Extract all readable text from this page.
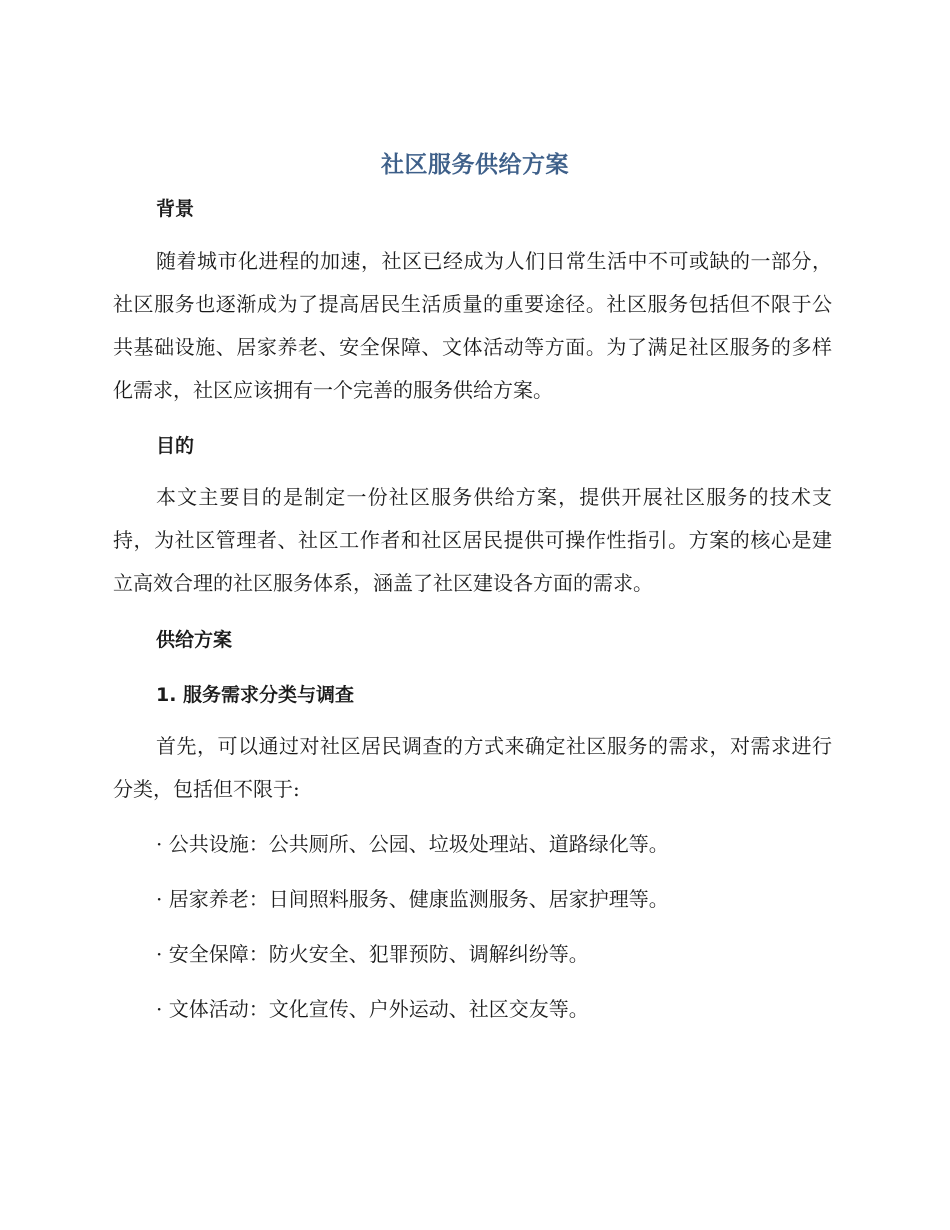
社区服务供给方案
背景
随着城市化进程的加速，社区已经成为人们日常生活中不可或缺的一部分，社区服务也逐渐成为了提高居民生活质量的重要途径。社区服务包括但不限于公共基础设施、居家养老、安全保障、文体活动等方面。为了满足社区服务的多样化需求，社区应该拥有一个完善的服务供给方案。
目的
本文主要目的是制定一份社区服务供给方案，提供开展社区服务的技术支持，为社区管理者、社区工作者和社区居民提供可操作性指引。方案的核心是建立高效合理的社区服务体系，涵盖了社区建设各方面的需求。
供给方案
1. 服务需求分类与调查
首先，可以通过对社区居民调查的方式来确定社区服务的需求，对需求进行分类，包括但不限于:
· 公共设施：公共厕所、公园、垃圾处理站、道路绿化等。
· 居家养老：日间照料服务、健康监测服务、居家护理等。
· 安全保障：防火安全、犯罪预防、调解纠纷等。
· 文体活动：文化宣传、户外运动、社区交友等。
